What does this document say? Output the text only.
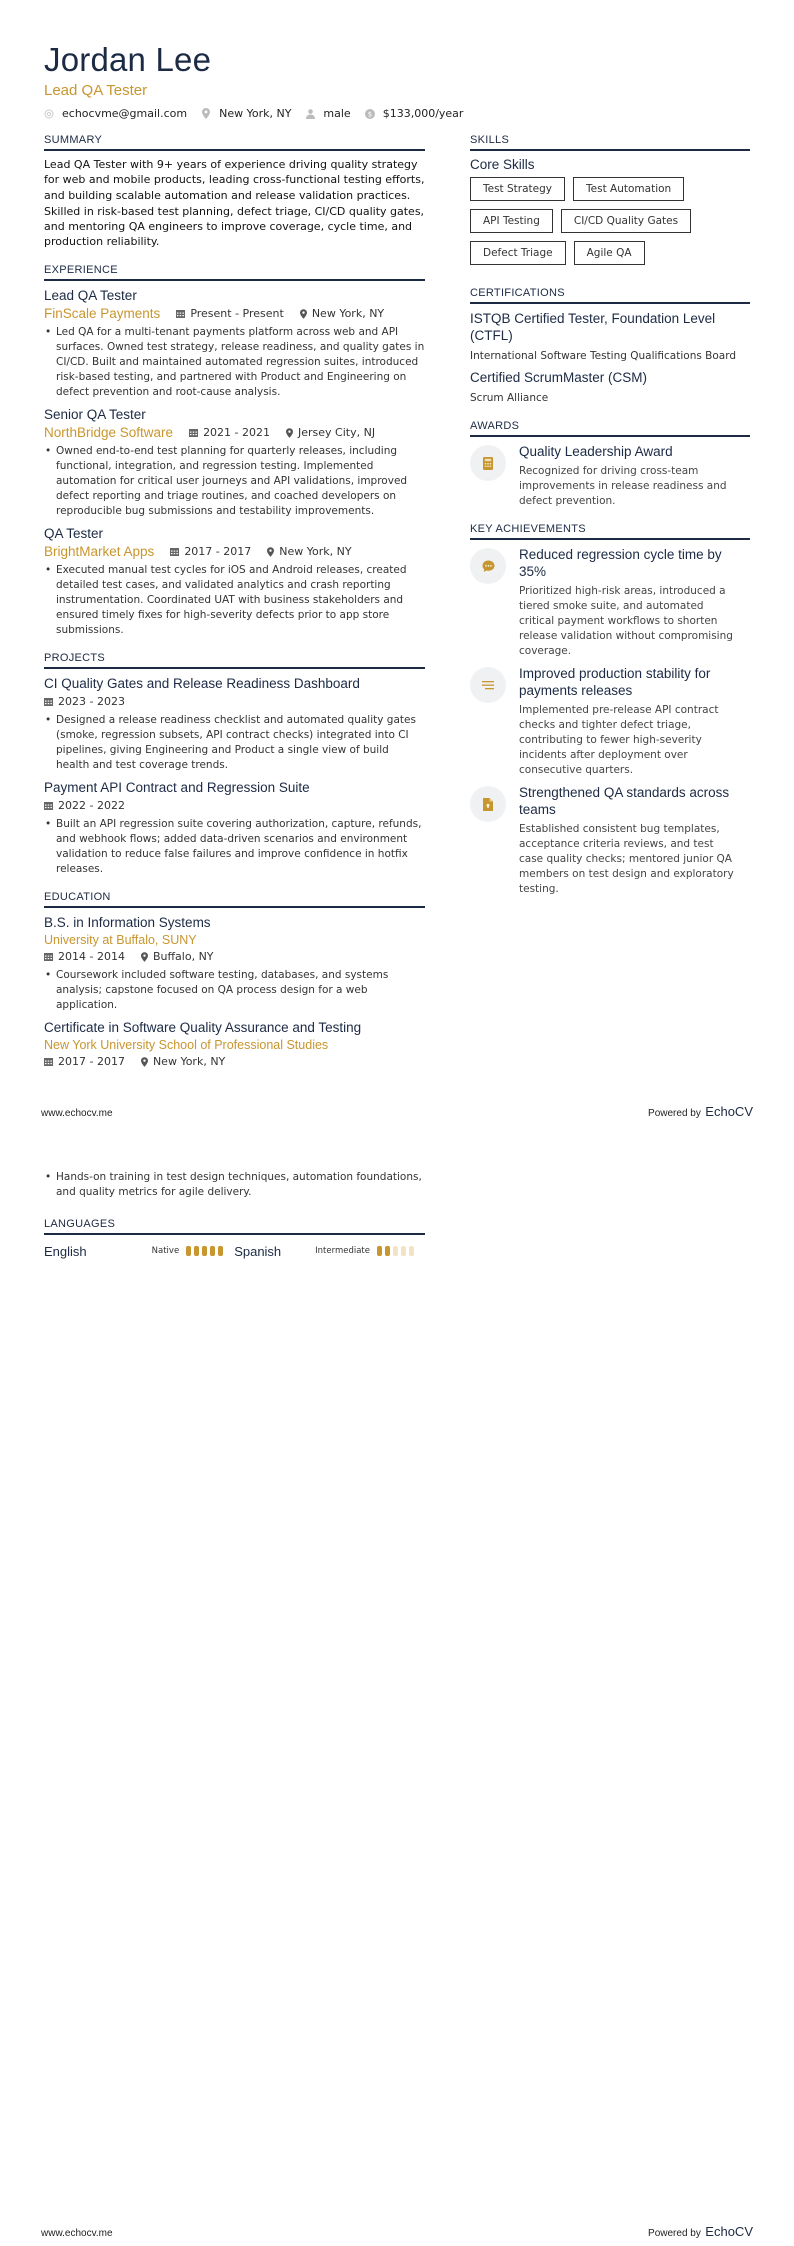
Jordan Lee
Lead QA Tester
echocvme@gmail.com	New York, NY	male $ $133,000/year
SUMMARY

Lead QA Tester with 9+ years of experience driving quality strategy for web and mobile products, leading cross-functional testing efforts, and building scalable automation and release validation practices.

Skilled in risk-based test planning, defect triage, CI/CD quality gates, and mentoring QA engineers to improve coverage, cycle time, and production reliability.

EXPERIENCE
Lead QA Tester
FinScale Payments	Present - Present	New York, NY
• Led QA for a multi-tenant payments platform across web and API surfaces. Owned test strategy, release readiness, and quality gates in CI/CD. Built and maintained automated regression suites, introduced risk-based testing, and partnered with Product and Engineering on defect prevention and root-cause analysis.
Senior QA Tester
NorthBridge Software	2021 - 2021	Jersey City, NJ
• Owned end-to-end test planning for quarterly releases, including functional, integration, and regression testing. Implemented automation for critical user journeys and API validations, improved defect reporting and triage routines, and coached developers on reproducible bug submissions and testability improvements.
QA Tester
BrightMarket Apps	2017 - 2017	New York, NY
• Executed manual test cycles for iOS and Android releases, created detailed test cases, and validated analytics and crash reporting instrumentation. Coordinated UAT with business stakeholders and ensured timely fixes for high-severity defects prior to app store submissions.
PROJECTS
CI Quality Gates and Release Readiness Dashboard
2023 - 2023
• Designed a release readiness checklist and automated quality gates (smoke, regression subsets, API contract checks) integrated into CI pipelines, giving Engineering and Product a single view of build health and test coverage trends.
Payment API Contract and Regression Suite
2022 - 2022
• Built an API regression suite covering authorization, capture, refunds, and webhook flows; added data-driven scenarios and environment validation to reduce false failures and improve confidence in hotfix releases.
EDUCATION
B.S. in Information Systems
University at Buffalo, SUNY
2014 - 2014	Buffalo, NY
• Coursework included software testing, databases, and systems analysis; capstone focused on QA process design for a web application.
Certificate in Software Quality Assurance and Testing
New York University School of Professional Studies
2017 - 2017	New York, NY
SKILLS
Core Skills
Test Strategy	Test Automation
API Testing	CI/CD Quality Gates
Defect Triage	Agile QA
CERTIFICATIONS
ISTQB Certified Tester, Foundation Level (CTFL)
International Software Testing Qualifications Board
Certified ScrumMaster (CSM)
Scrum Alliance
AWARDS
Quality Leadership Award
Recognized for driving cross-team improvements in release readiness and defect prevention.
KEY ACHIEVEMENTS
Reduced regression cycle time by 35%
Prioritized high-risk areas, introduced a tiered smoke suite, and automated critical payment workflows to shorten release validation without compromising coverage.
Improved production stability for payments releases
Implemented pre-release API contract checks and tighter defect triage, contributing to fewer high-severity incidents after deployment over consecutive quarters.
Strengthened QA standards across teams
Established consistent bug templates, acceptance criteria reviews, and test case quality checks; mentored junior QA members on test design and exploratory testing.
www.echocv.me	Powered by EchoCV
• Hands-on training in test design techniques, automation foundations, and quality metrics for agile delivery.
LANGUAGES
English	Native	Spanish	Intermediate
www.echocv.me	Powered by EchoCV
